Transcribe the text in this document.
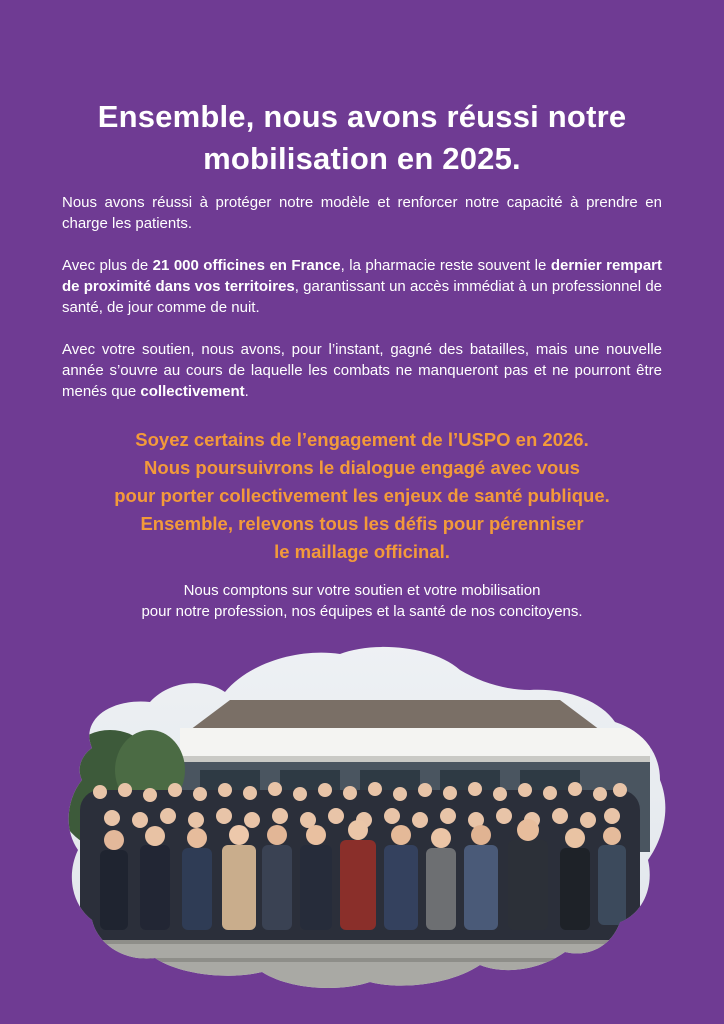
Ensemble, nous avons réussi notre
mobilisation en 2025.

Nous avons réussi à protéger notre modèle et renforcer notre capacité à prendre en charge les patients.

Avec plus de 21 000 officines en France, la pharmacie reste souvent le dernier rempart de proximité dans vos territoires, garantissant un accès immédiat à un professionnel de santé, de jour comme de nuit.

Avec votre soutien, nous avons, pour l’instant, gagné des batailles, mais une nouvelle année s’ouvre au cours de laquelle les combats ne manqueront pas et ne pourront être menés que collectivement.

Soyez certains de l’engagement de l’USPO en 2026.
Nous poursuivrons le dialogue engagé avec vous
pour porter collectivement les enjeux de santé publique.
Ensemble, relevons tous les défis pour pérenniser
le maillage officinal.

Nous comptons sur votre soutien et votre mobilisation
pour notre profession, nos équipes et la santé de nos concitoyens.
